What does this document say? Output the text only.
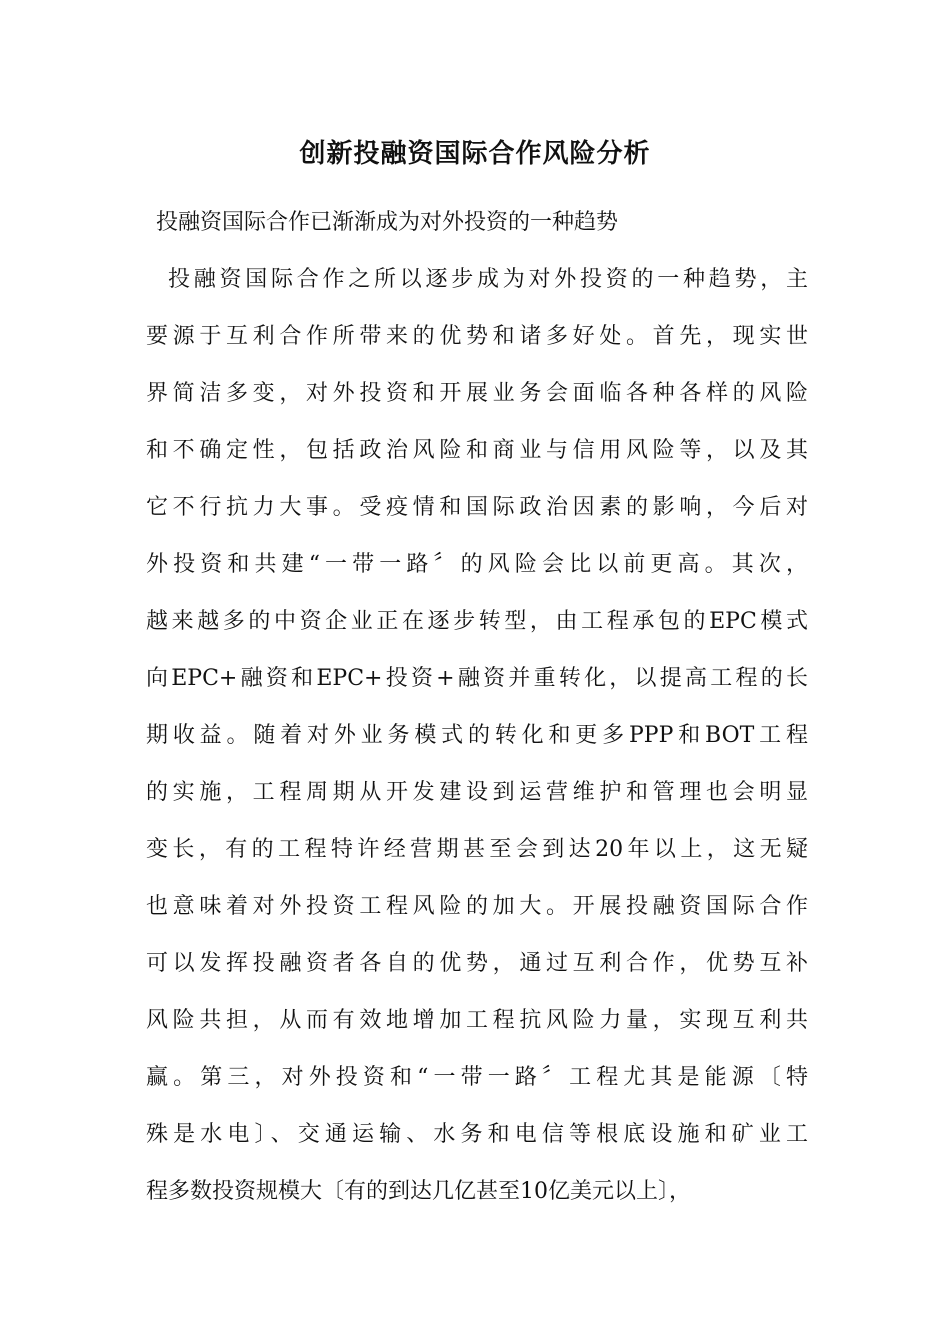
创新投融资国际合作风险分析
投融资国际合作已渐渐成为对外投资的一种趋势
投融资国际合作之所以逐步成为对外投资的一种趋势，主
要源于互利合作所带来的优势和诸多好处。首先，现实世
界简洁多变，对外投资和开展业务会面临各种各样的风险
和不确定性，包括政治风险和商业与信用风险等，以及其
它不行抗力大事。受疫情和国际政治因素的影响，今后对
外投资和共建“一带一路〞的风险会比以前更高。其次，
越来越多的中资企业正在逐步转型，由工程承包的EPC模式
向EPC+融资和EPC+投资+融资并重转化，以提高工程的长
期收益。随着对外业务模式的转化和更多PPP和BOT工程
的实施，工程周期从开发建设到运营维护和管理也会明显
变长，有的工程特许经营期甚至会到达20年以上，这无疑
也意味着对外投资工程风险的加大。开展投融资国际合作
可以发挥投融资者各自的优势，通过互利合作，优势互补
风险共担，从而有效地增加工程抗风险力量，实现互利共
赢。第三，对外投资和“一带一路〞工程尤其是能源〔特
殊是水电〕、交通运输、水务和电信等根底设施和矿业工
程多数投资规模大〔有的到达几亿甚至10亿美元以上〕，
